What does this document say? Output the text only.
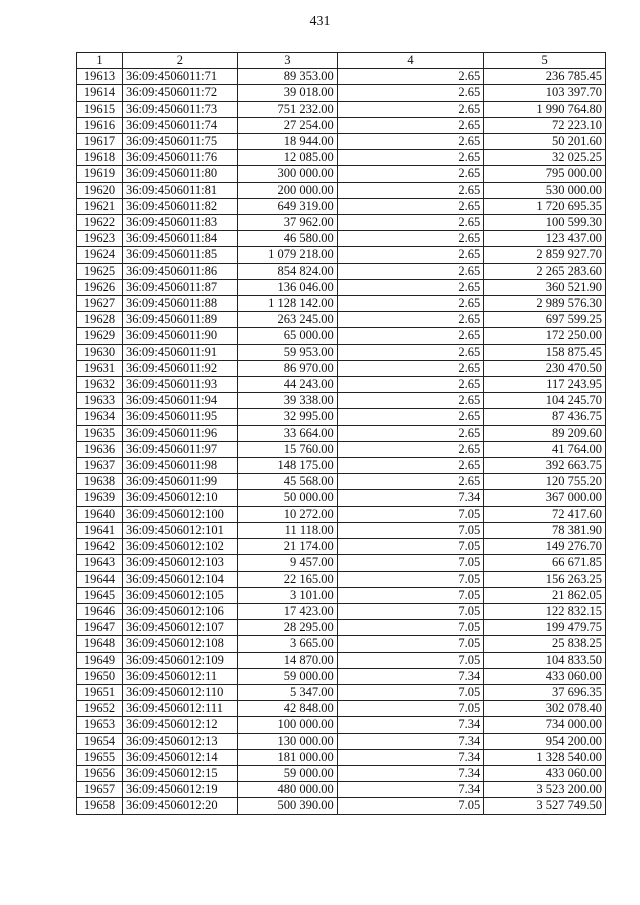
431
1	2	3	4	5
19613	36:09:4506011:71	89 353.00	2.65	236 785.45
19614	36:09:4506011:72	39 018.00	2.65	103 397.70
19615	36:09:4506011:73	751 232.00	2.65	1 990 764.80
19616	36:09:4506011:74	27 254.00	2.65	72 223.10
19617	36:09:4506011:75	18 944.00	2.65	50 201.60
19618	36:09:4506011:76	12 085.00	2.65	32 025.25
19619	36:09:4506011:80	300 000.00	2.65	795 000.00
19620	36:09:4506011:81	200 000.00	2.65	530 000.00
19621	36:09:4506011:82	649 319.00	2.65	1 720 695.35
19622	36:09:4506011:83	37 962.00	2.65	100 599.30
19623	36:09:4506011:84	46 580.00	2.65	123 437.00
19624	36:09:4506011:85	1 079 218.00	2.65	2 859 927.70
19625	36:09:4506011:86	854 824.00	2.65	2 265 283.60
19626	36:09:4506011:87	136 046.00	2.65	360 521.90
19627	36:09:4506011:88	1 128 142.00	2.65	2 989 576.30
19628	36:09:4506011:89	263 245.00	2.65	697 599.25
19629	36:09:4506011:90	65 000.00	2.65	172 250.00
19630	36:09:4506011:91	59 953.00	2.65	158 875.45
19631	36:09:4506011:92	86 970.00	2.65	230 470.50
19632	36:09:4506011:93	44 243.00	2.65	117 243.95
19633	36:09:4506011:94	39 338.00	2.65	104 245.70
19634	36:09:4506011:95	32 995.00	2.65	87 436.75
19635	36:09:4506011:96	33 664.00	2.65	89 209.60
19636	36:09:4506011:97	15 760.00	2.65	41 764.00
19637	36:09:4506011:98	148 175.00	2.65	392 663.75
19638	36:09:4506011:99	45 568.00	2.65	120 755.20
19639	36:09:4506012:10	50 000.00	7.34	367 000.00
19640	36:09:4506012:100	10 272.00	7.05	72 417.60
19641	36:09:4506012:101	11 118.00	7.05	78 381.90
19642	36:09:4506012:102	21 174.00	7.05	149 276.70
19643	36:09:4506012:103	9 457.00	7.05	66 671.85
19644	36:09:4506012:104	22 165.00	7.05	156 263.25
19645	36:09:4506012:105	3 101.00	7.05	21 862.05
19646	36:09:4506012:106	17 423.00	7.05	122 832.15
19647	36:09:4506012:107	28 295.00	7.05	199 479.75
19648	36:09:4506012:108	3 665.00	7.05	25 838.25
19649	36:09:4506012:109	14 870.00	7.05	104 833.50
19650	36:09:4506012:11	59 000.00	7.34	433 060.00
19651	36:09:4506012:110	5 347.00	7.05	37 696.35
19652	36:09:4506012:111	42 848.00	7.05	302 078.40
19653	36:09:4506012:12	100 000.00	7.34	734 000.00
19654	36:09:4506012:13	130 000.00	7.34	954 200.00
19655	36:09:4506012:14	181 000.00	7.34	1 328 540.00
19656	36:09:4506012:15	59 000.00	7.34	433 060.00
19657	36:09:4506012:19	480 000.00	7.34	3 523 200.00
19658	36:09:4506012:20	500 390.00	7.05	3 527 749.50
